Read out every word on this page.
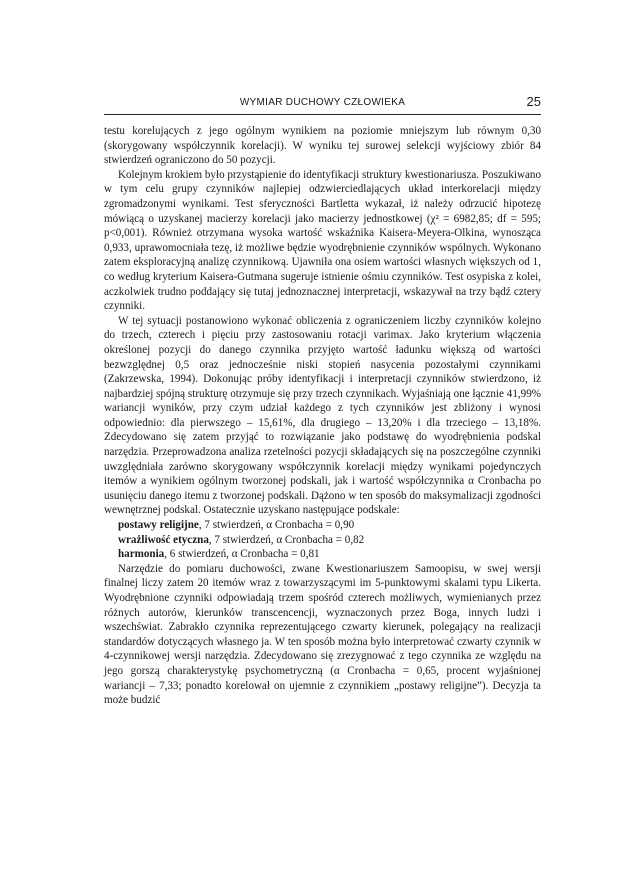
WYMIAR DUCHOWY CZŁOWIEKA	25

testu korelujących z jego ogólnym wynikiem na poziomie mniejszym lub równym 0,30 (skorygowany współczynnik korelacji). W wyniku tej surowej selekcji wyjściowy zbiór 84 stwierdzeń ograniczono do 50 pozycji.

Kolejnym krokiem było przystąpienie do identyfikacji struktury kwestionariusza. Poszukiwano w tym celu grupy czynników najlepiej odzwierciedlających układ interkorelacji między zgromadzonymi wynikami. Test sferyczności Bartletta wykazał, iż należy odrzucić hipotezę mówiącą o uzyskanej macierzy korelacji jako macierzy jednostkowej (χ² = 6982,85; df = 595; p<0,001). Również otrzymana wysoka wartość wskaźnika Kaisera-Meyera-Olkina, wynosząca 0,933, uprawomocniała tezę, iż możliwe będzie wyodrębnienie czynników wspólnych. Wykonano zatem eksploracyjną analizę czynnikową. Ujawniła ona osiem wartości własnych większych od 1, co według kryterium Kaisera-Gutmana sugeruje istnienie ośmiu czynników. Test osypiska z kolei, aczkolwiek trudno poddający się tutaj jednoznacznej interpretacji, wskazywał na trzy bądź cztery czynniki.

W tej sytuacji postanowiono wykonać obliczenia z ograniczeniem liczby czynników kolejno do trzech, czterech i pięciu przy zastosowaniu rotacji varimax. Jako kryterium włączenia określonej pozycji do danego czynnika przyjęto wartość ładunku większą od wartości bezwzględnej 0,5 oraz jednocześnie niski stopień nasycenia pozostałymi czynnikami (Zakrzewska, 1994). Dokonując próby identyfikacji i interpretacji czynników stwierdzono, iż najbardziej spójną strukturę otrzymuje się przy trzech czynnikach. Wyjaśniają one łącznie 41,99% wariancji wyników, przy czym udział każdego z tych czynników jest zbliżony i wynosi odpowiednio: dla pierwszego – 15,61%, dla drugiego – 13,20% i dla trzeciego – 13,18%. Zdecydowano się zatem przyjąć to rozwiązanie jako podstawę do wyodrębnienia podskal narzędzia. Przeprowadzona analiza rzetelności pozycji składających się na poszczególne czynniki uwzględniała zarówno skorygowany współczynnik korelacji między wynikami pojedynczych itemów a wynikiem ogólnym tworzonej podskali, jak i wartość współczynnika α Cronbacha po usunięciu danego itemu z tworzonej podskali. Dążono w ten sposób do maksymalizacji zgodności wewnętrznej podskal. Ostatecznie uzyskano następujące podskale:

postawy religijne, 7 stwierdzeń, α Cronbacha = 0,90
wrażliwość etyczna, 7 stwierdzeń, α Cronbacha = 0,82
harmonia, 6 stwierdzeń, α Cronbacha = 0,81

Narzędzie do pomiaru duchowości, zwane Kwestionariuszem Samoopisu, w swej wersji finalnej liczy zatem 20 itemów wraz z towarzyszącymi im 5-punktowymi skalami typu Likerta. Wyodrębnione czynniki odpowiadają trzem spośród czterech możliwych, wymienianych przez różnych autorów, kierunków transcencencji, wyznaczonych przez Boga, innych ludzi i wszechświat. Zabrakło czynnika reprezentującego czwarty kierunek, polegający na realizacji standardów dotyczących własnego ja. W ten sposób można było interpretować czwarty czynnik w 4-czynnikowej wersji narzędzia. Zdecydowano się zrezygnować z tego czynnika ze względu na jego gorszą charakterystykę psychometryczną (α Cronbacha = 0,65, procent wyjaśnionej wariancji – 7,33; ponadto korelował on ujemnie z czynnikiem „postawy religijne”). Decyzja ta może budzić
